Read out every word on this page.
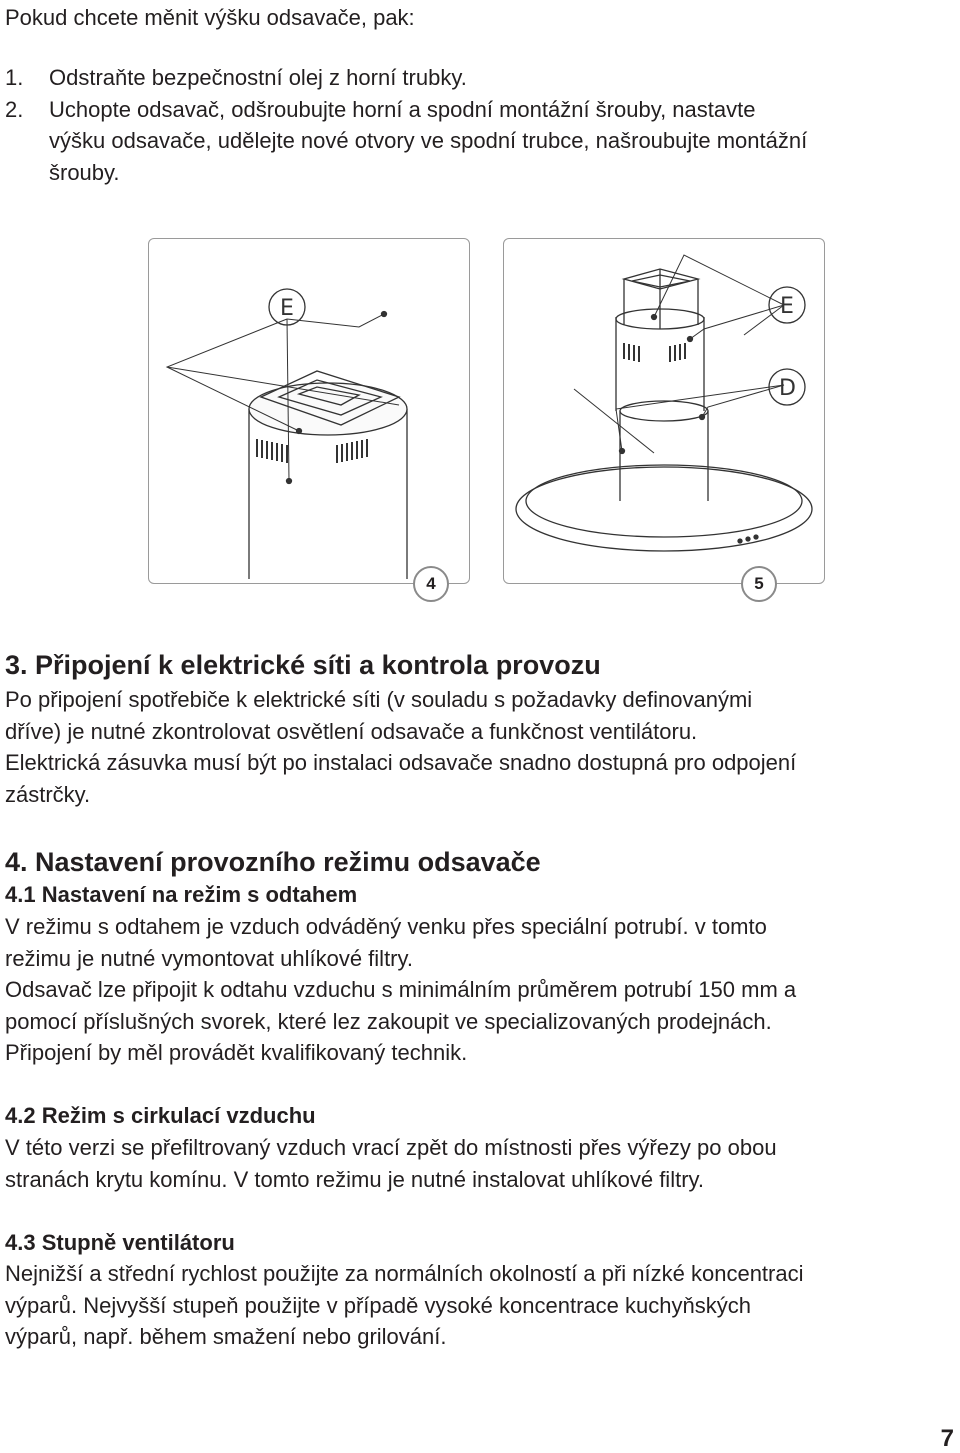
Pokud chcete měnit výšku odsavače, pak:

1. Odstraňte bezpečnostní olej z horní trubky.
2. Uchopte odsavač, odšroubujte horní a spodní montážní šrouby, nastavte
výšku odsavače, udělejte nové otvory ve spodní trubce, našroubujte montážní
šrouby.
E
4
E
D
5
3. Připojení k elektrické síti a kontrola provozu
Po připojení spotřebiče k elektrické síti (v souladu s požadavky definovanými
dříve) je nutné zkontrolovat osvětlení odsavače a funkčnost ventilátoru.
Elektrická zásuvka musí být po instalaci odsavače snadno dostupná pro odpojení
zástrčky.
4. Nastavení provozního režimu odsavače
4.1 Nastavení na režim s odtahem
V režimu s odtahem je vzduch odváděný venku přes speciální potrubí. v tomto
režimu je nutné vymontovat uhlíkové filtry.
Odsavač lze připojit k odtahu vzduchu s minimálním průměrem potrubí 150 mm a
pomocí příslušných svorek, které lez zakoupit ve specializovaných prodejnách.
Připojení by měl provádět kvalifikovaný technik.
4.2 Režim s cirkulací vzduchu
V této verzi se přefiltrovaný vzduch vrací zpět do místnosti přes výřezy po obou
stranách krytu komínu. V tomto režimu je nutné instalovat uhlíkové filtry.
4.3 Stupně ventilátoru
Nejnižší a střední rychlost použijte za normálních okolností a při nízké koncentraci
výparů. Nejvyšší stupeň použijte v případě vysoké koncentrace kuchyňských
výparů, např. během smažení nebo grilování.
7
